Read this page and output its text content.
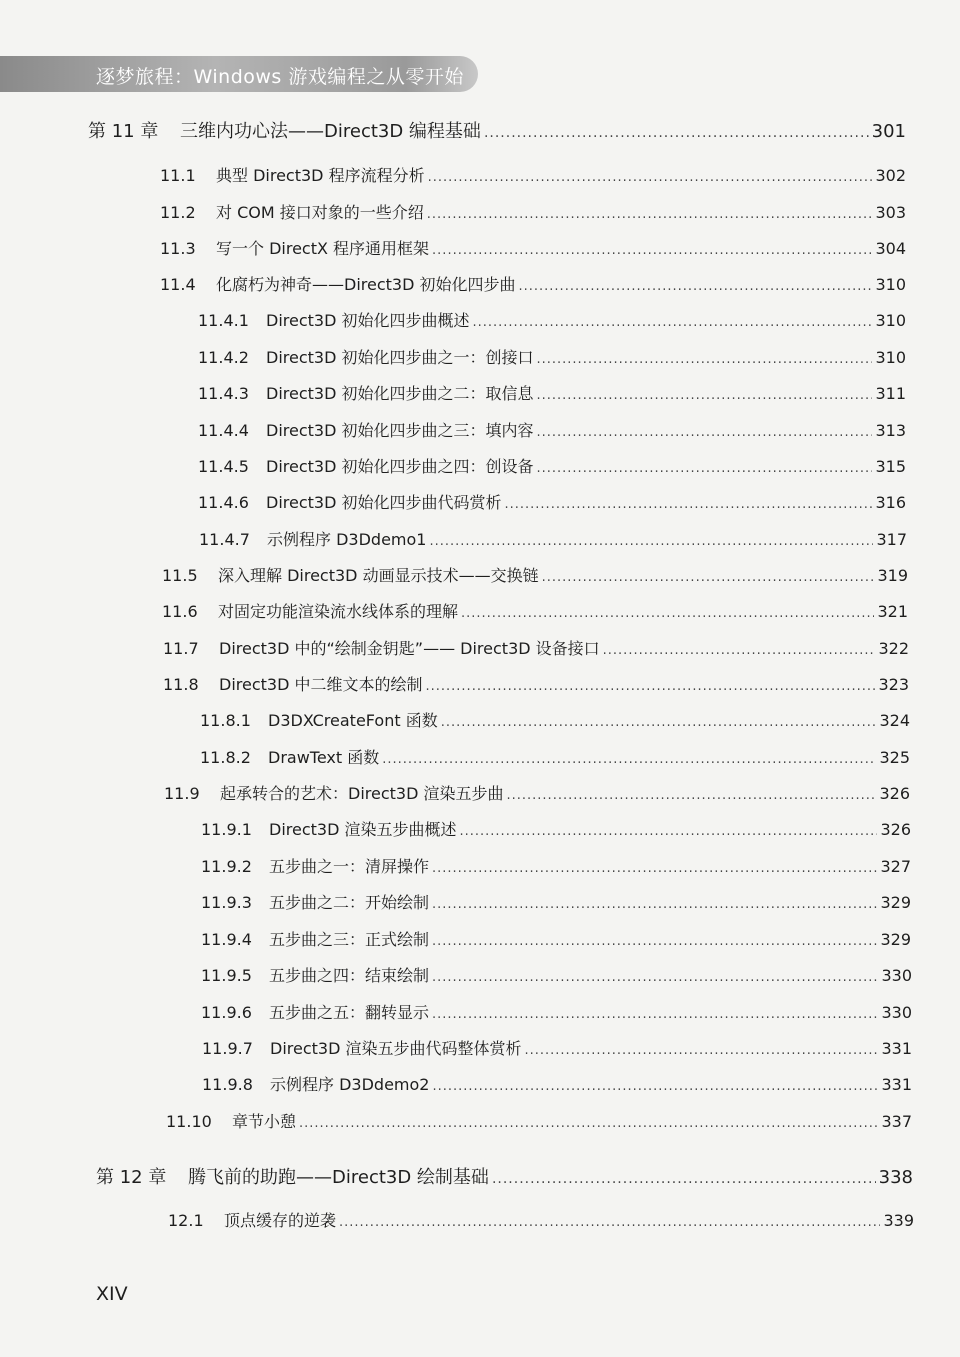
逐梦旅程：Windows 游戏编程之从零开始
第 11 章	三维内功心法——Direct3D 编程基础 .....	301
11.1	典型 Direct3D 程序流程分析 .....	302
11.2	对 COM 接口对象的一些介绍 .....	303
11.3	写一个 DirectX 程序通用框架 .....	304
11.4	化腐朽为神奇——Direct3D 初始化四步曲 .....	310
11.4.1	Direct3D 初始化四步曲概述 .....	310
11.4.2	Direct3D 初始化四步曲之一：创接口 .....	310
11.4.3	Direct3D 初始化四步曲之二：取信息 .....	311
11.4.4	Direct3D 初始化四步曲之三：填内容 .....	313
11.4.5	Direct3D 初始化四步曲之四：创设备 .....	315
11.4.6	Direct3D 初始化四步曲代码赏析 .....	316
11.4.7	示例程序 D3Ddemo1 .....	317
11.5	深入理解 Direct3D 动画显示技术——交换链 .....	319
11.6	对固定功能渲染流水线体系的理解 .....	321
11.7	Direct3D 中的“绘制金钥匙”—— Direct3D 设备接口 .....	322
11.8	Direct3D 中二维文本的绘制 .....	323
11.8.1	D3DXCreateFont 函数 .....	324
11.8.2	DrawText 函数 .....	325
11.9	起承转合的艺术：Direct3D 渲染五步曲 .....	326
11.9.1	Direct3D 渲染五步曲概述 .....	326
11.9.2	五步曲之一：清屏操作 .....	327
11.9.3	五步曲之二：开始绘制 .....	329
11.9.4	五步曲之三：正式绘制 .....	329
11.9.5	五步曲之四：结束绘制 .....	330
11.9.6	五步曲之五：翻转显示 .....	330
11.9.7	Direct3D 渲染五步曲代码整体赏析 .....	331
11.9.8	示例程序 D3Ddemo2 .....	331
11.10	章节小憩 .....	337
第 12 章	腾飞前的助跑——Direct3D 绘制基础 .....	338
12.1	顶点缓存的逆袭 .....	339
XIV
